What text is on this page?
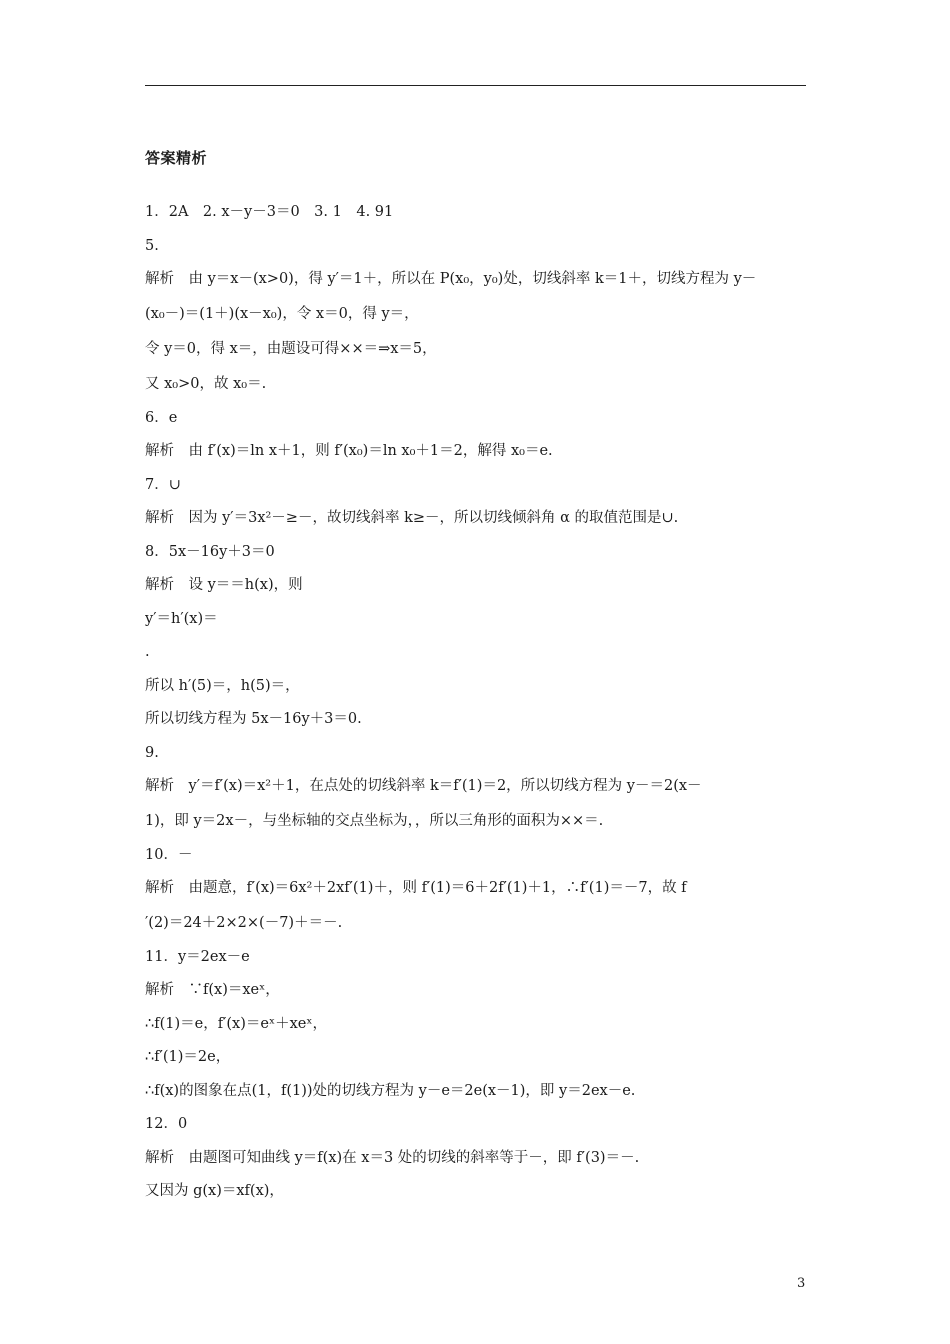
答案精析
1．2A　2. x－y－3＝0　3. 1　4. 91
5.
解析　由 y＝x－(x>0)，得 y′＝1＋，所以在 P(x₀，y₀)处，切线斜率 k＝1＋，切线方程为 y－
(x₀－)＝(1＋)(x－x₀)，令 x＝0，得 y＝，
令 y＝0，得 x＝，由题设可得××＝⇒x＝5，
又 x₀>0，故 x₀＝.
6．e
解析　由 f′(x)＝ln x＋1，则 f′(x₀)＝ln x₀＋1＝2，解得 x₀＝e.
7．∪
解析　因为 y′＝3x²－≥－，故切线斜率 k≥－，所以切线倾斜角 α 的取值范围是∪.
8．5x－16y＋3＝0
解析　设 y＝＝h(x)，则
y′＝h′(x)＝
.
所以 h′(5)＝，h(5)＝，
所以切线方程为 5x－16y＋3＝0.
9.
解析　y′＝f′(x)＝x²＋1，在点处的切线斜率 k＝f′(1)＝2，所以切线方程为 y－＝2(x－
1)，即 y＝2x－，与坐标轴的交点坐标为，，所以三角形的面积为××＝.
10．－
解析　由题意，f′(x)＝6x²＋2xf′(1)＋，则 f′(1)＝6＋2f′(1)＋1，∴f′(1)＝－7，故 f
′(2)＝24＋2×2×(－7)＋＝－.
11．y＝2ex－e
解析　∵f(x)＝xeˣ，
∴f(1)＝e，f′(x)＝eˣ＋xeˣ，
∴f′(1)＝2e，
∴f(x)的图象在点(1，f(1))处的切线方程为 y－e＝2e(x－1)，即 y＝2ex－e.
12．0
解析　由题图可知曲线 y＝f(x)在 x＝3 处的切线的斜率等于－，即 f′(3)＝－.
又因为 g(x)＝xf(x)，
3
